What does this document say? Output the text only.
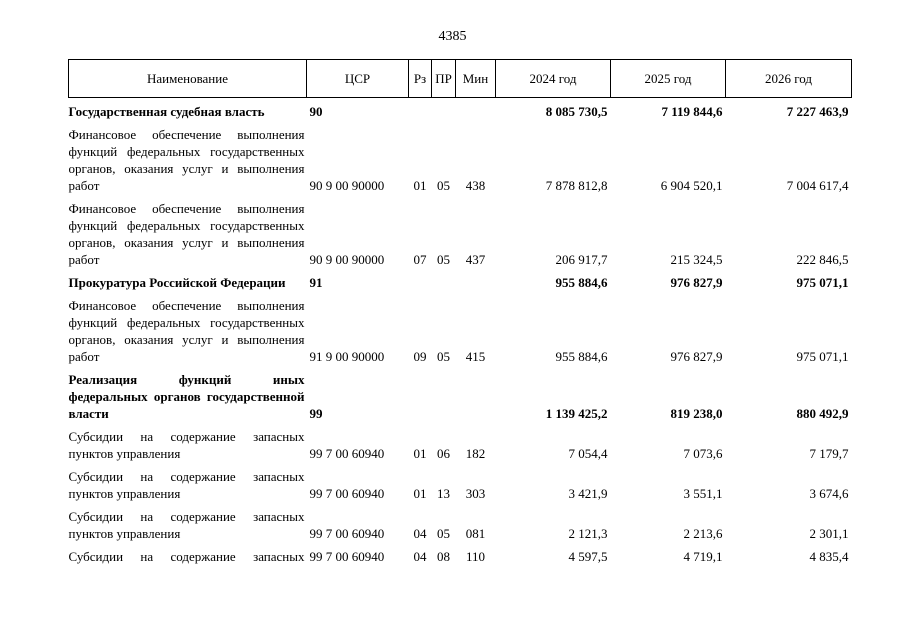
4385
Наименование	ЦСР	Рз	ПР	Мин	2024 год	2025 год	2026 год
Государственная судебная власть	90				8 085 730,5	7 119 844,6	7 227 463,9
Финансовое обеспечение выполнения функций федеральных государственных органов, оказания услуг и выполнения работ	90 9 00 90000	01	05	438	7 878 812,8	6 904 520,1	7 004 617,4
Финансовое обеспечение выполнения функций федеральных государственных органов, оказания услуг и выполнения работ	90 9 00 90000	07	05	437	206 917,7	215 324,5	222 846,5
Прокуратура Российской Федерации	91				955 884,6	976 827,9	975 071,1
Финансовое обеспечение выполнения функций федеральных государственных органов, оказания услуг и выполнения работ	91 9 00 90000	09	05	415	955 884,6	976 827,9	975 071,1
Реализация функций иных федеральных органов государственной власти	99				1 139 425,2	819 238,0	880 492,9
Субсидии на содержание запасных пунктов управления	99 7 00 60940	01	06	182	7 054,4	7 073,6	7 179,7
Субсидии на содержание запасных пунктов управления	99 7 00 60940	01	13	303	3 421,9	3 551,1	3 674,6
Субсидии на содержание запасных пунктов управления	99 7 00 60940	04	05	081	2 121,3	2 213,6	2 301,1
Субсидии на содержание запасных	99 7 00 60940	04	08	110	4 597,5	4 719,1	4 835,4
